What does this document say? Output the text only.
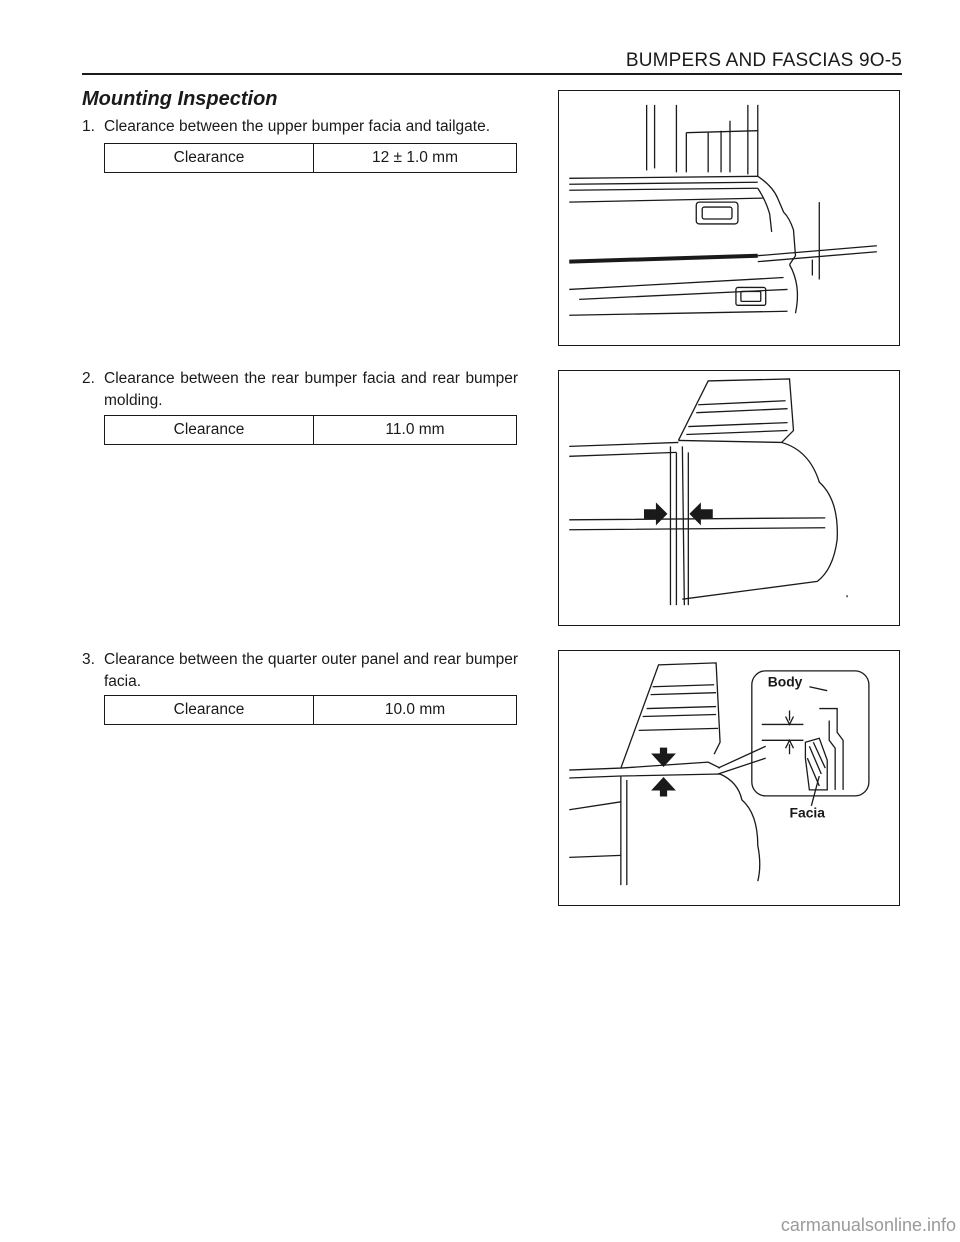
BUMPERS AND FASCIAS 9O-5
Mounting Inspection
1. Clearance between the upper bumper facia and tailgate.
Clearance	12 ± 1.0 mm
2. Clearance between the rear bumper facia and rear bumper molding.
Clearance	11.0 mm
3. Clearance between the quarter outer panel and rear bumper facia.
Clearance	10.0 mm
Body
Facia
carmanualsonline.info
